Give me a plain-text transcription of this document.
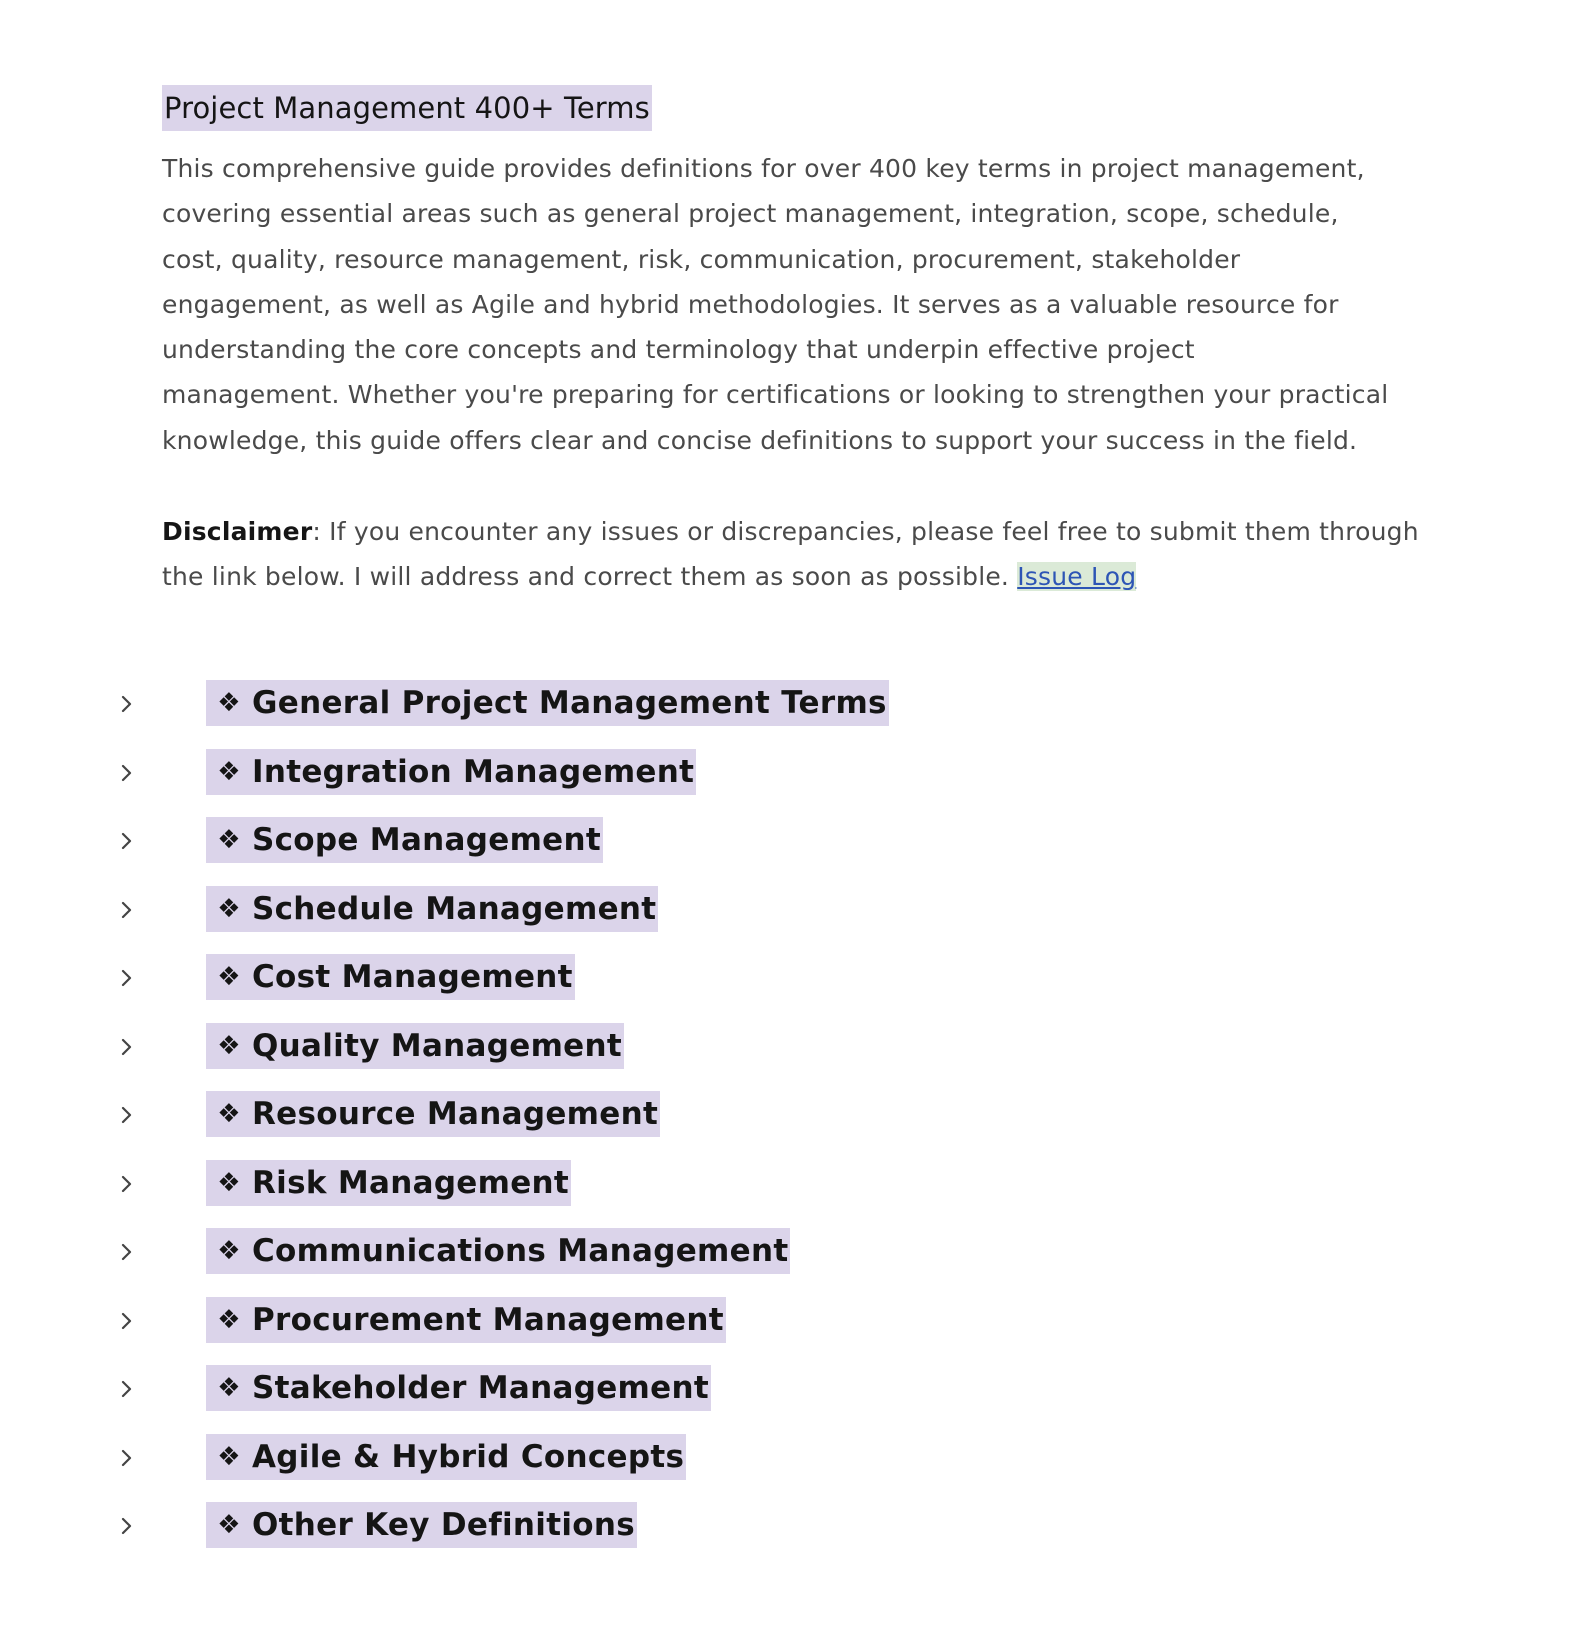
Project Management 400+ Terms

This comprehensive guide provides definitions for over 400 key terms in project management,
covering essential areas such as general project management, integration, scope, schedule,
cost, quality, resource management, risk, communication, procurement, stakeholder
engagement, as well as Agile and hybrid methodologies. It serves as a valuable resource for
understanding the core concepts and terminology that underpin effective project
management. Whether you're preparing for certifications or looking to strengthen your practical
knowledge, this guide offers clear and concise definitions to support your success in the field.

Disclaimer: If you encounter any issues or discrepancies, please feel free to submit them through
the link below. I will address and correct them as soon as possible. Issue Log

❖ General Project Management Terms
❖ Integration Management
❖ Scope Management
❖ Schedule Management
❖ Cost Management
❖ Quality Management
❖ Resource Management
❖ Risk Management
❖ Communications Management
❖ Procurement Management
❖ Stakeholder Management
❖ Agile & Hybrid Concepts
❖ Other Key Definitions
